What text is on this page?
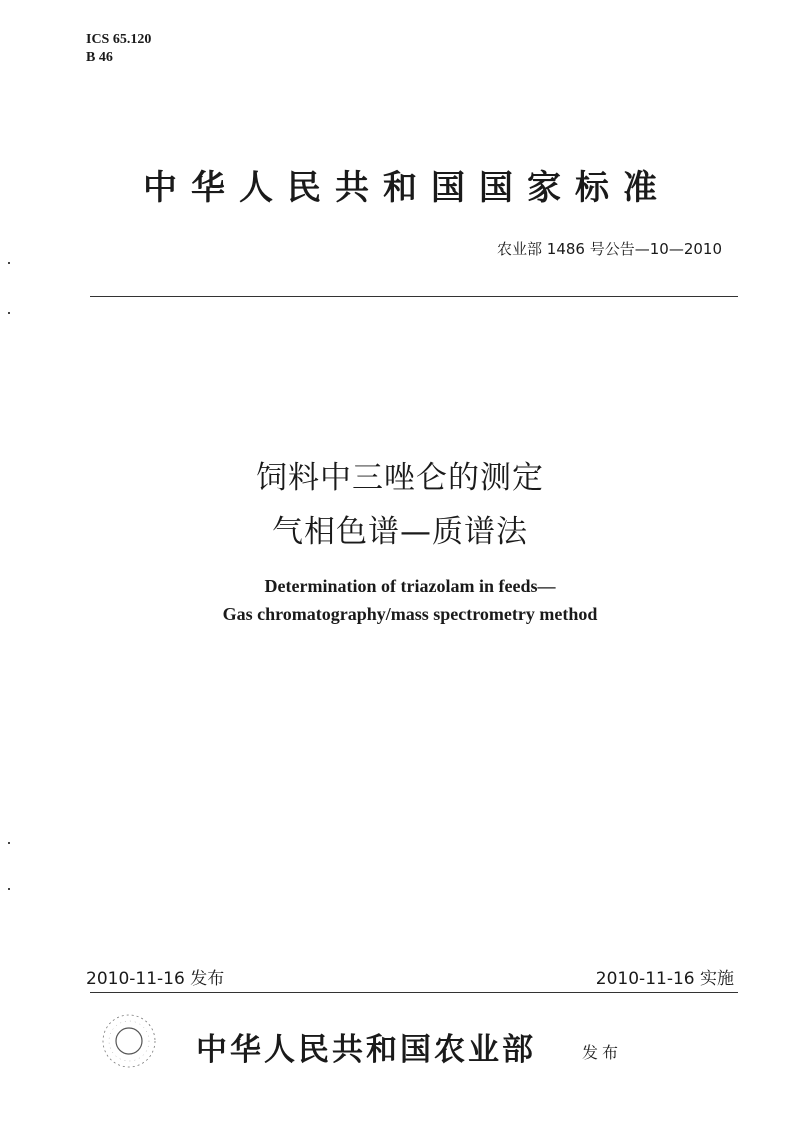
ICS 65.120
B 46
中华人民共和国国家标准
农业部 1486 号公告—10—2010
饲料中三唑仑的测定
气相色谱—质谱法
Determination of triazolam in feeds—
Gas chromatography/mass spectrometry method
2010-11-16 发布	2010-11-16 实施
中华人民共和国农业部	发布
